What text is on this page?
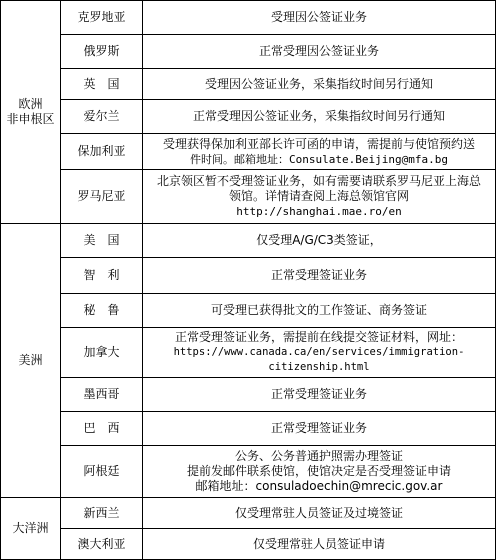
欧洲
非申根区	克罗地亚	受理因公签证业务

	俄罗斯	正常受理因公签证业务

	英　国	受理因公签证业务，采集指纹时间另行通知

	爱尔兰	正常受理因公签证业务，采集指纹时间另行通知

	保加利亚	受理获得保加利亚部长许可函的申请，需提前与使馆预约送
件时间。邮箱地址：Consulate.Beijing@mfa.bg

	罗马尼亚	北京领区暂不受理签证业务，如有需要请联系罗马尼亚上海总
领馆。详情请查阅上海总领馆官网
http://shanghai.mae.ro/en

美洲	美　国	仅受理A/G/C3类签证，

	智　利	正常受理签证业务

	秘　鲁	可受理已获得批文的工作签证、商务签证

	加拿大	正常受理签证业务，需提前在线提交签证材料，网址：
https://www.canada.ca/en/services/immigration-
citizenship.html

	墨西哥	正常受理签证业务

	巴　西	正常受理签证业务

	阿根廷	公务、公务普通护照需办理签证
提前发邮件联系使馆，使馆决定是否受理签证申请
邮箱地址：consuladoechin@mrecic.gov.ar

大洋洲	新西兰	仅受理常驻人员签证及过境签证

	澳大利亚	仅受理常驻人员签证申请
